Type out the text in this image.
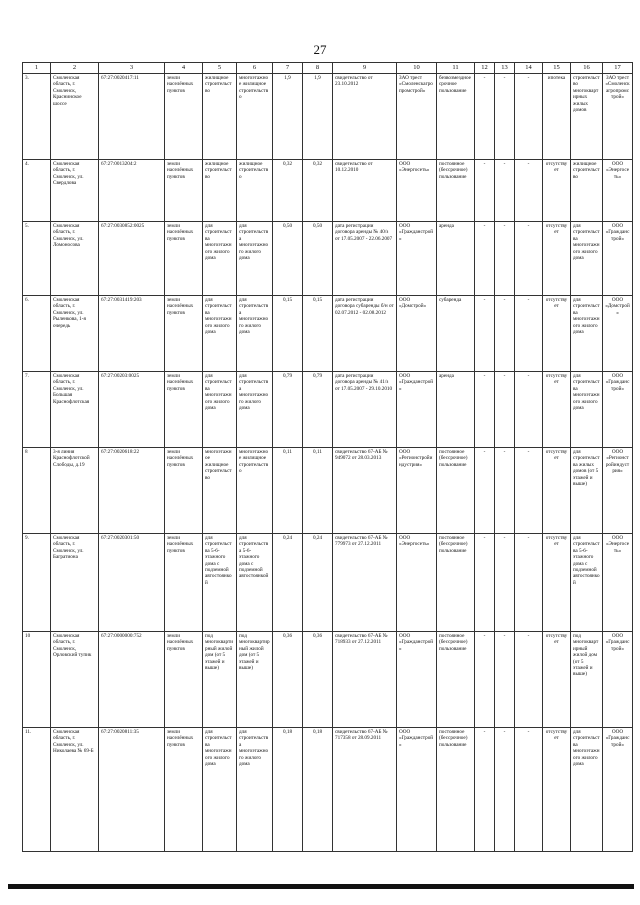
27
1	2	3	4	5	6	7	8	9	10	11	12	13	14	15	16	17
3.	Смоленская область, г. Смоленск, Краснинское шоссе	67:27:0020417:11	земли населённых пунктов	жилищное строительство	многоэтажное жилищное строительство	1,9	1,9	свидетельство от 23.10.2012	ЗАО трест «Смоленскагропромстрой»	безвозмездное срочное пользование	-	-	-	ипотека	строительство многоквартирных жилых домов	ЗАО трест «Смоленскагропромстрой»
4.	Смоленская область, г. Смоленск, ул. Свердлова	67:27:0013204:2	земли населённых пунктов	жилищное строительство	жилищное строительство	0,32	0,32	свидетельство от 10.12.2010	ООО «Энергосеть»	постоянное (бессрочное) пользование	-	-	-	отсутствует	жилищное строительство	ООО «Энергосеть»
5.	Смоленская область, г. Смоленск, ул. Ломоносова	67:27:0030852:0025	земли населённых пунктов	для строительства многоэтажного жилого дома	для строительства многоэтажного жилого дома	0,50	0,50	дата регистрации договора аренды № 40/з от 17.05.2007 - 22.06.2007	ООО «Гражданстрой»	аренда	-	-	-	отсутствует	для строительства многоэтажного жилого дома	ООО «Гражданстрой»
6.	Смоленская область, г. Смоленск, ул. Рыленкова, 1-я очередь	67:27:0031419:203	земли населённых пунктов	для строительства многоэтажного жилого дома	для строительства многоэтажного жилого дома	0,15	0,15	дата регистрации договора субаренды б/н от 02.07.2012 - 02.08.2012	ООО «Домстрой»	субаренда	-	-	-	отсутствует	для строительства многоэтажного жилого дома	ООО «Домстрой»
7.	Смоленская область, г. Смоленск, ул. Большая Краснофлотская	67:27:00203:0025	земли населённых пунктов	для строительства многоэтажного жилого дома	для строительства многоэтажного жилого дома	0,79	0,79	дата регистрации договора аренды № 41/з от 17.05.2007 - 29.10.2010	ООО «Гражданстрой»	аренда	-	-	-	отсутствует	для строительства многоэтажного жилого дома	ООО «Гражданстрой»
8	3-я линия Краснофлотской Слободы, д.19	67:27:0020618:22	земли населённых пунктов	многоэтажное жилищное строительство	многоэтажное жилищное строительство	0,11	0,11	свидетельство 67-АБ № 949072 от 28.03.2013	ООО «Регионстройиндустрия»	постоянное (бессрочное) пользование	-	-	-	отсутствует	для строительства жилых домов (от 5 этажей и выше)	ООО «Регионстройиндустрия»
9.	Смоленская область, г. Смоленск, ул. Багратиона	67:27:0020301:50	земли населённых пунктов	для строительства 5-6-этажного дома с подземной автостоянкой	для строительства 5-6-этажного дома с подземной автостоянкой	0,24	0,24	свидетельство 67-АБ № 779973 от 27.12.2011	ООО «Энергосеть»	постоянное (бессрочное) пользование	-	-	-	отсутствует	для строительства 5-6-этажного дома с подземной автостоянкой	ООО «Энергосеть»
10	Смоленская область, г. Смоленск, Орловский тупик	67:27:0000000:752	земли населённых пунктов	под многоквартирный жилой дом (от 5 этажей и выше)	под многоквартирный жилой дом (от 5 этажей и выше)	0,36	0,36	свидетельство 67-АБ № 718933 от 27.12.2011	ООО «Гражданстрой»	постоянное (бессрочное) пользование	-	-	-	отсутствует	под многоквартирный жилой дом (от 5 этажей и выше)	ООО «Гражданстрой»
11.	Смоленская область, г. Смоленск, ул. Николаева № 69-Б	67:27:0020811:35	земли населённых пунктов	для строительства многоэтажного жилого дома	для строительства многоэтажного жилого дома	0,18	0,18	свидетельство 67-АБ № 717358 от 28.09.2011	ООО «Гражданстрой»	постоянное (бессрочное) пользование	-	-	-	отсутствует	для строительства многоэтажного жилого дома	ООО «Гражданстрой»
